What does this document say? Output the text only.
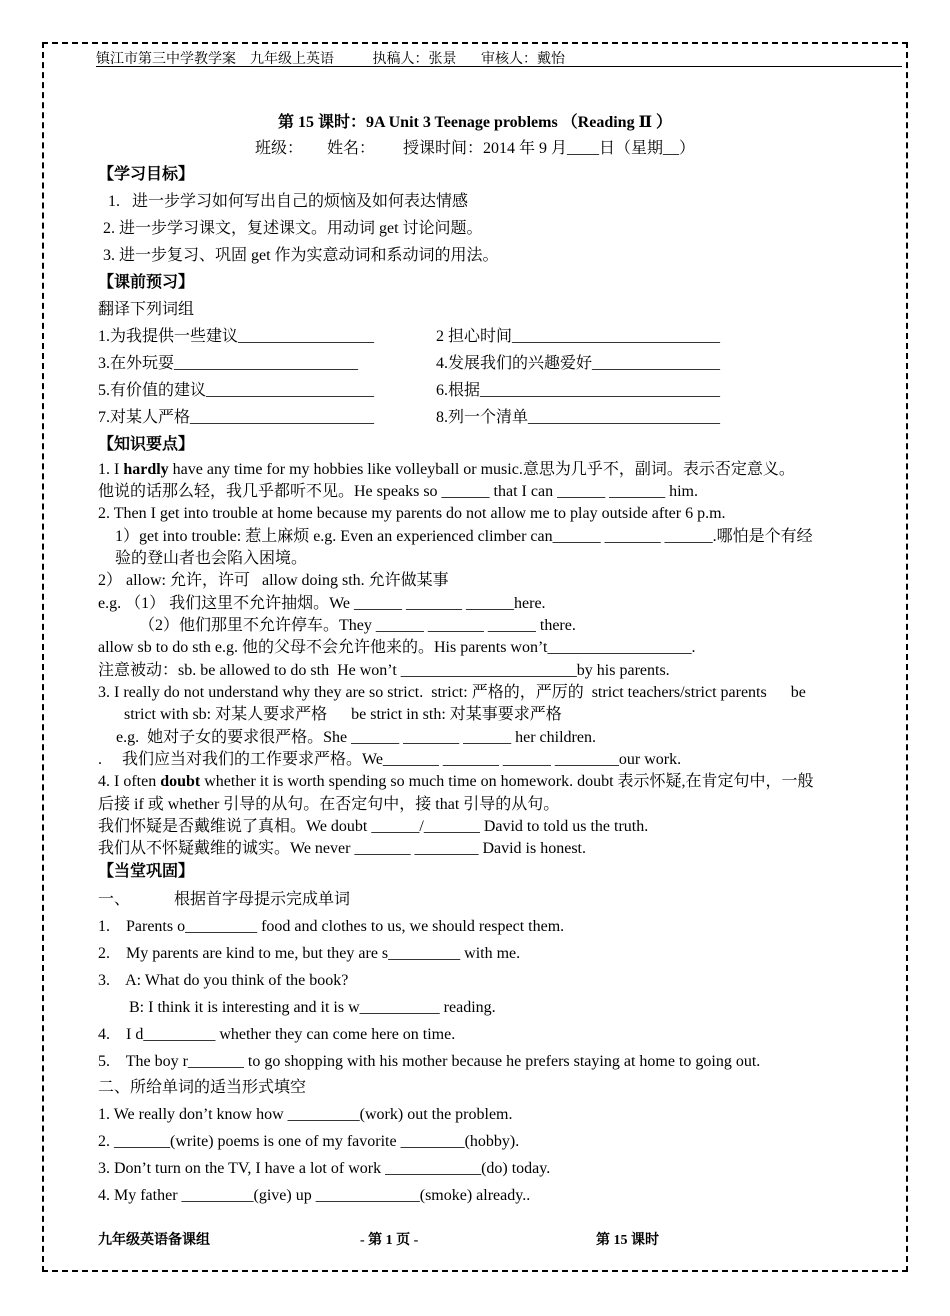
镇江市第三中学教学案    九年级上英语           执稿人：张景       审核人：戴怡
第 15 课时：9A Unit 3 Teenage problems （Reading Ⅱ ）
班级：      姓名：       授课时间：2014 年 9 月____日（星期__）
【学习目标】
1.   进一步学习如何写出自己的烦恼及如何表达情感
2. 进一步学习课文，复述课文。用动词 get 讨论问题。
3. 进一步复习、巩固 get 作为实意动词和系动词的用法。
【课前预习】
翻译下列词组
1.为我提供一些建议_________________	2 担心时间__________________________
3.在外玩耍_______________________	4.发展我们的兴趣爱好________________
5.有价值的建议_____________________	6.根据______________________________
7.对某人严格_______________________	8.列一个清单________________________
【知识要点】
1. I hardly have any time for my hobbies like volleyball or music.意思为几乎不，副词。表示否定意义。
他说的话那么轻，我几乎都听不见。He speaks so ______ that I can ______ _______ him.
2. Then I get into trouble at home because my parents do not allow me to play outside after 6 p.m.
1）get into trouble: 惹上麻烦 e.g. Even an experienced climber can______ _______ ______.哪怕是个有经
验的登山者也会陷入困境。
2） allow: 允许，许可   allow doing sth. 允许做某事
e.g. （1） 我们这里不允许抽烟。We ______ _______ ______here.
（2）他们那里不允许停车。They ______ _______ ______ there.
allow sb to do sth e.g. 他的父母不会允许他来的。His parents won’t__________________.
注意被动：sb. be allowed to do sth  He won’t ______________________by his parents.
3. I really do not understand why they are so strict.  strict: 严格的，严厉的  strict teachers/strict parents      be
strict with sb: 对某人要求严格      be strict in sth: 对某事要求严格
e.g.  她对子女的要求很严格。She ______ _______ ______ her children.
.     我们应当对我们的工作要求严格。We_______ _______ ______ ________our work.
4. I often doubt whether it is worth spending so much time on homework. doubt 表示怀疑,在肯定句中，一般
后接 if 或 whether 引导的从句。在否定句中，接 that 引导的从句。
我们怀疑是否戴维说了真相。We doubt ______/_______ David to told us the truth.
我们从不怀疑戴维的诚实。We never _______ ________ David is honest.
【当堂巩固】
一、           根据首字母提示完成单词
1.    Parents o_________ food and clothes to us, we should respect them.
2.    My parents are kind to me, but they are s_________ with me.
3.    A: What do you think of the book?
B: I think it is interesting and it is w__________ reading.
4.    I d_________ whether they can come here on time.
5.    The boy r_______ to go shopping with his mother because he prefers staying at home to going out.
二、所给单词的适当形式填空
1. We really don’t know how _________(work) out the problem.
2. _______(write) poems is one of my favorite ________(hobby).
3. Don’t turn on the TV, I have a lot of work ____________(do) today.
4. My father _________(give) up _____________(smoke) already..
九年级英语备课组	- 第 1 页 -	第 15 课时
